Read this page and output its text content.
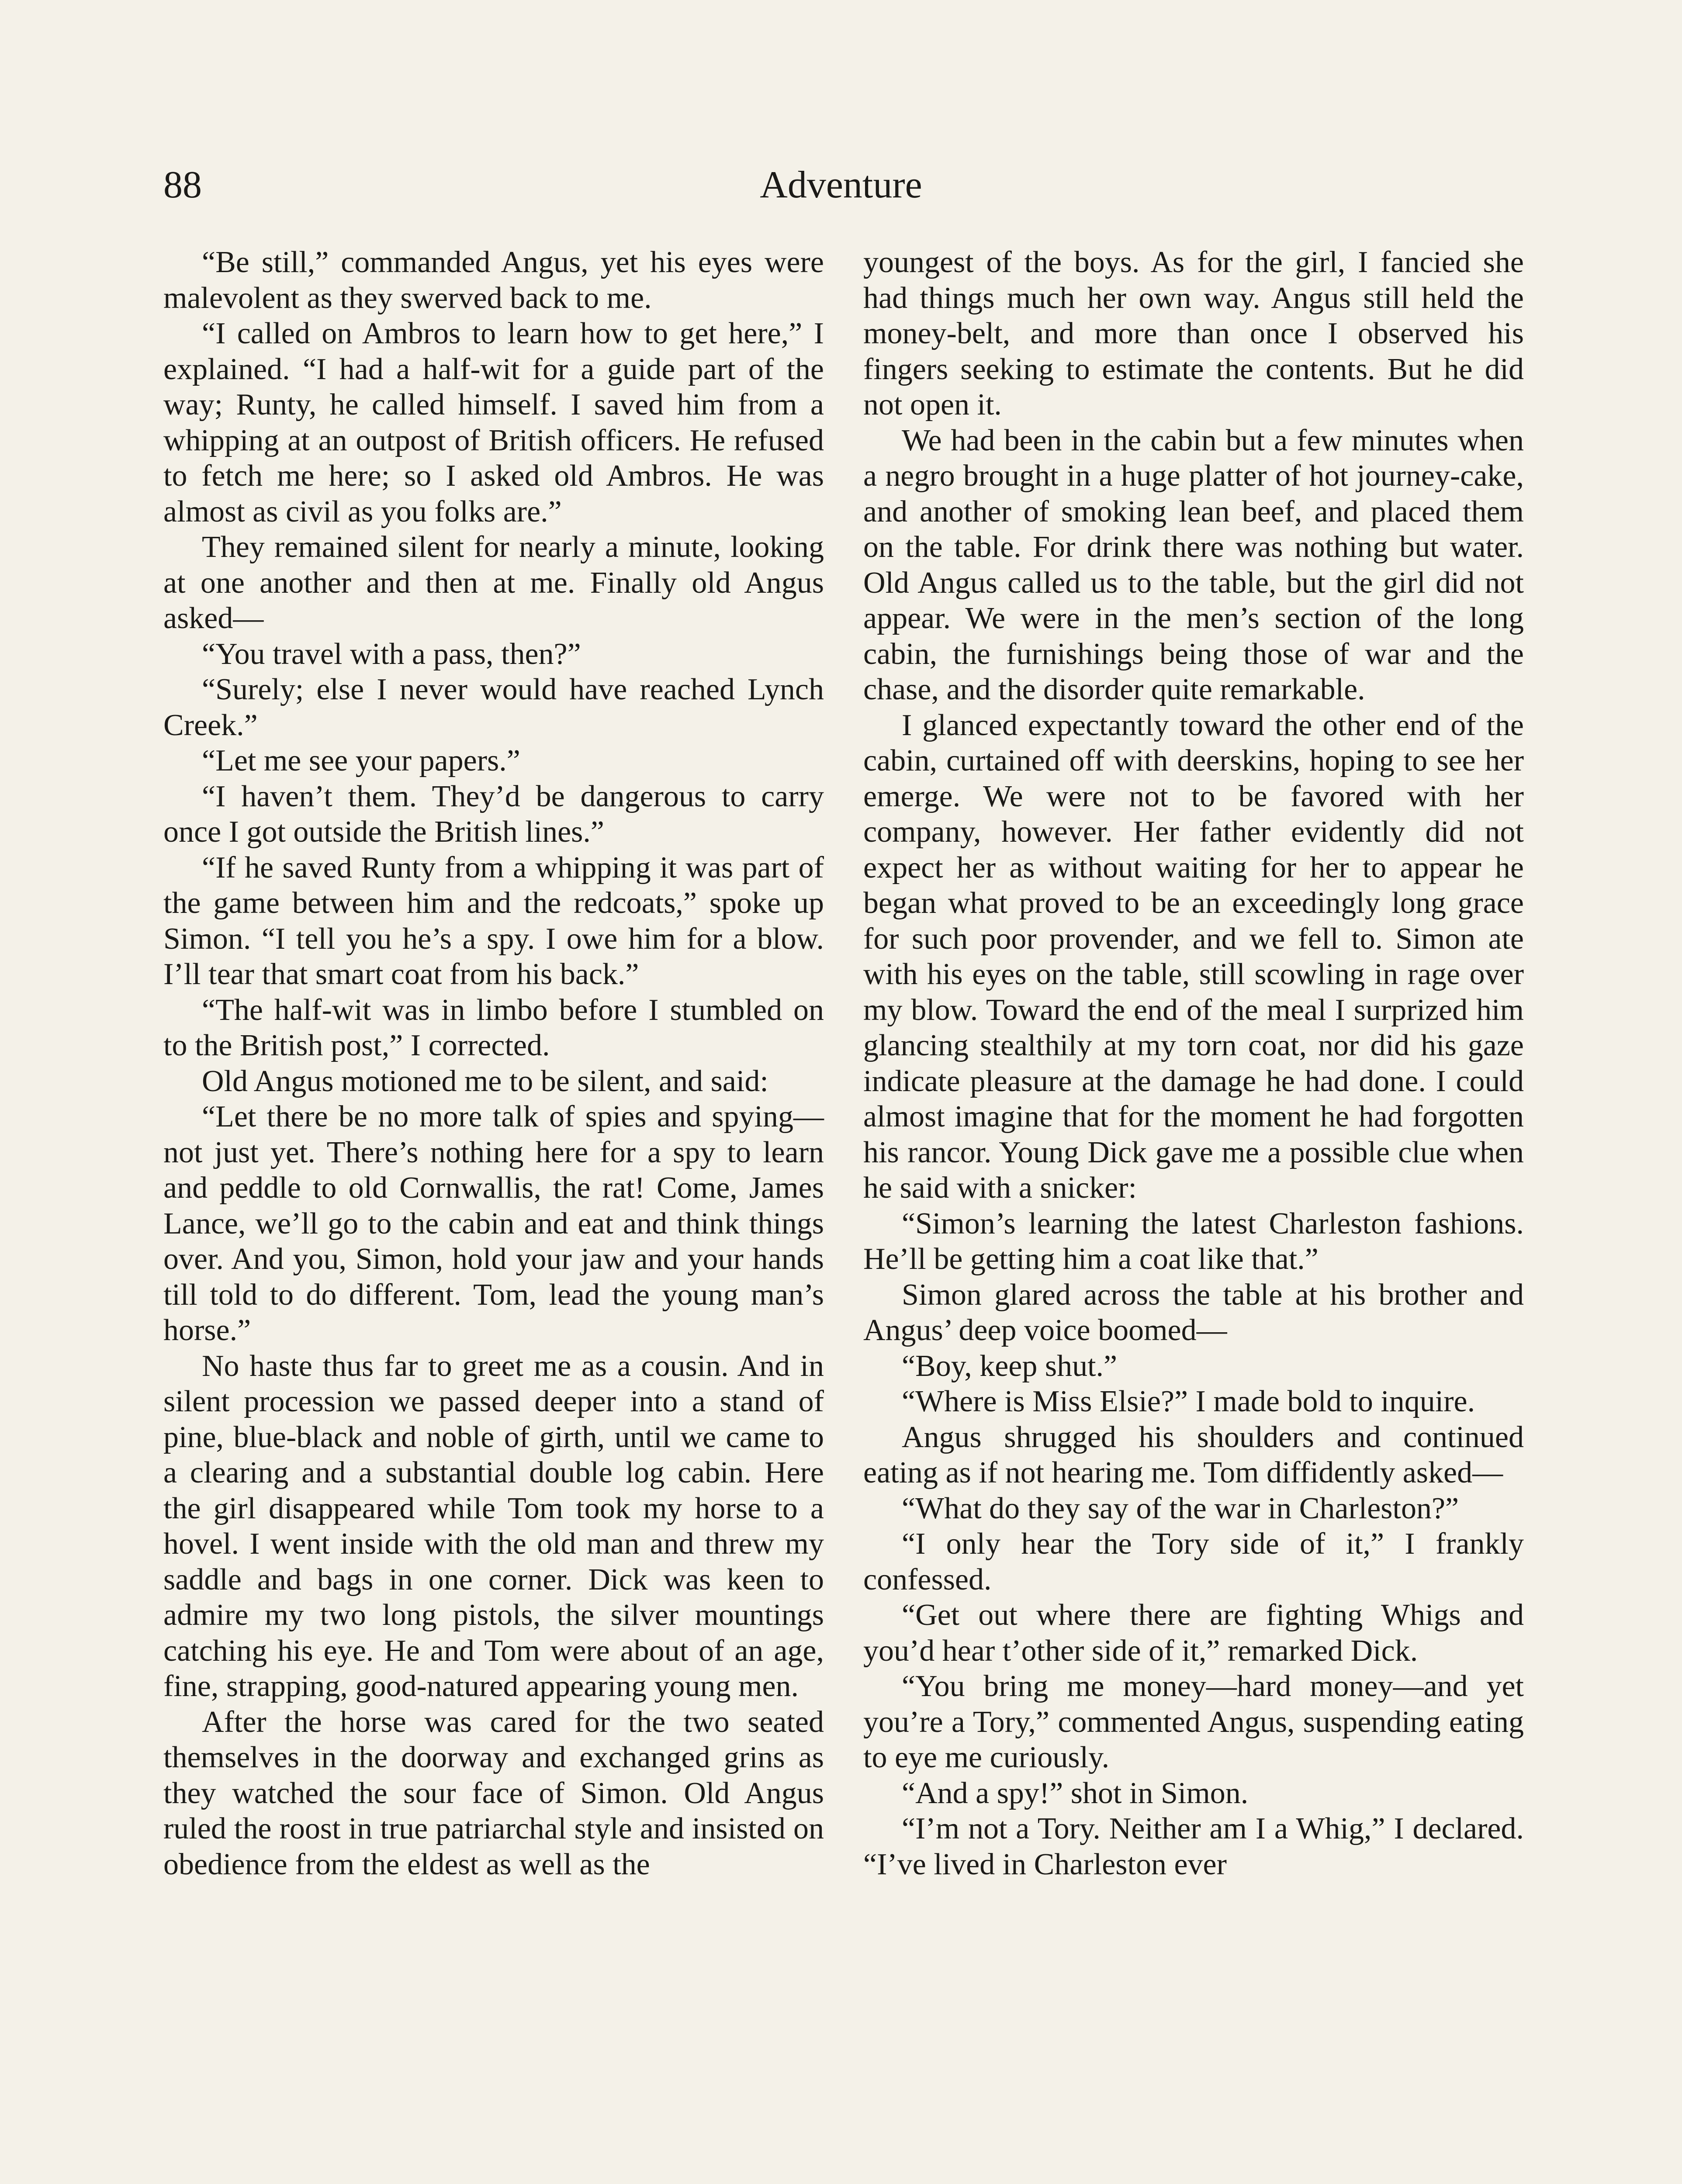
88	Adventure

“Be still,” commanded Angus, yet his eyes were malevolent as they swerved back to me.

“I called on Ambros to learn how to get here,” I explained. “I had a half-wit for a guide part of the way; Runty, he called himself. I saved him from a whipping at an outpost of British officers. He refused to fetch me here; so I asked old Ambros. He was almost as civil as you folks are.”

They remained silent for nearly a minute, looking at one another and then at me. Finally old Angus asked—

“You travel with a pass, then?”

“Surely; else I never would have reached Lynch Creek.”

“Let me see your papers.”

“I haven’t them. They’d be dangerous to carry once I got outside the British lines.”

“If he saved Runty from a whipping it was part of the game between him and the redcoats,” spoke up Simon. “I tell you he’s a spy. I owe him for a blow. I’ll tear that smart coat from his back.”

“The half-wit was in limbo before I stumbled on to the British post,” I corrected.

Old Angus motioned me to be silent, and said:

“Let there be no more talk of spies and spying—not just yet. There’s nothing here for a spy to learn and peddle to old Cornwallis, the rat! Come, James Lance, we’ll go to the cabin and eat and think things over. And you, Simon, hold your jaw and your hands till told to do different. Tom, lead the young man’s horse.”

No haste thus far to greet me as a cousin. And in silent procession we passed deeper into a stand of pine, blue-black and noble of girth, until we came to a clearing and a substantial double log cabin. Here the girl disappeared while Tom took my horse to a hovel. I went inside with the old man and threw my saddle and bags in one corner. Dick was keen to admire my two long pistols, the silver mountings catching his eye. He and Tom were about of an age, fine, strapping, good-natured appearing young men.

After the horse was cared for the two seated themselves in the doorway and exchanged grins as they watched the sour face of Simon. Old Angus ruled the roost in true patriarchal style and insisted on obedience from the eldest as well as the

youngest of the boys. As for the girl, I fancied she had things much her own way. Angus still held the money-belt, and more than once I observed his fingers seeking to estimate the contents. But he did not open it.

We had been in the cabin but a few minutes when a negro brought in a huge platter of hot journey-cake, and another of smoking lean beef, and placed them on the table. For drink there was nothing but water. Old Angus called us to the table, but the girl did not appear. We were in the men’s section of the long cabin, the furnishings being those of war and the chase, and the disorder quite remarkable.

I glanced expectantly toward the other end of the cabin, curtained off with deerskins, hoping to see her emerge. We were not to be favored with her company, however. Her father evidently did not expect her as without waiting for her to appear he began what proved to be an exceedingly long grace for such poor provender, and we fell to. Simon ate with his eyes on the table, still scowling in rage over my blow. Toward the end of the meal I surprized him glancing stealthily at my torn coat, nor did his gaze indicate pleasure at the damage he had done. I could almost imagine that for the moment he had forgotten his rancor. Young Dick gave me a possible clue when he said with a snicker:

“Simon’s learning the latest Charleston fashions. He’ll be getting him a coat like that.”

Simon glared across the table at his brother and Angus’ deep voice boomed—

“Boy, keep shut.”

“Where is Miss Elsie?” I made bold to inquire.

Angus shrugged his shoulders and continued eating as if not hearing me. Tom diffidently asked—

“What do they say of the war in Charleston?”

“I only hear the Tory side of it,” I frankly confessed.

“Get out where there are fighting Whigs and you’d hear t’other side of it,” remarked Dick.

“You bring me money—hard money—and yet you’re a Tory,” commented Angus, suspending eating to eye me curiously.

“And a spy!” shot in Simon.

“I’m not a Tory. Neither am I a Whig,” I declared. “I’ve lived in Charleston ever
